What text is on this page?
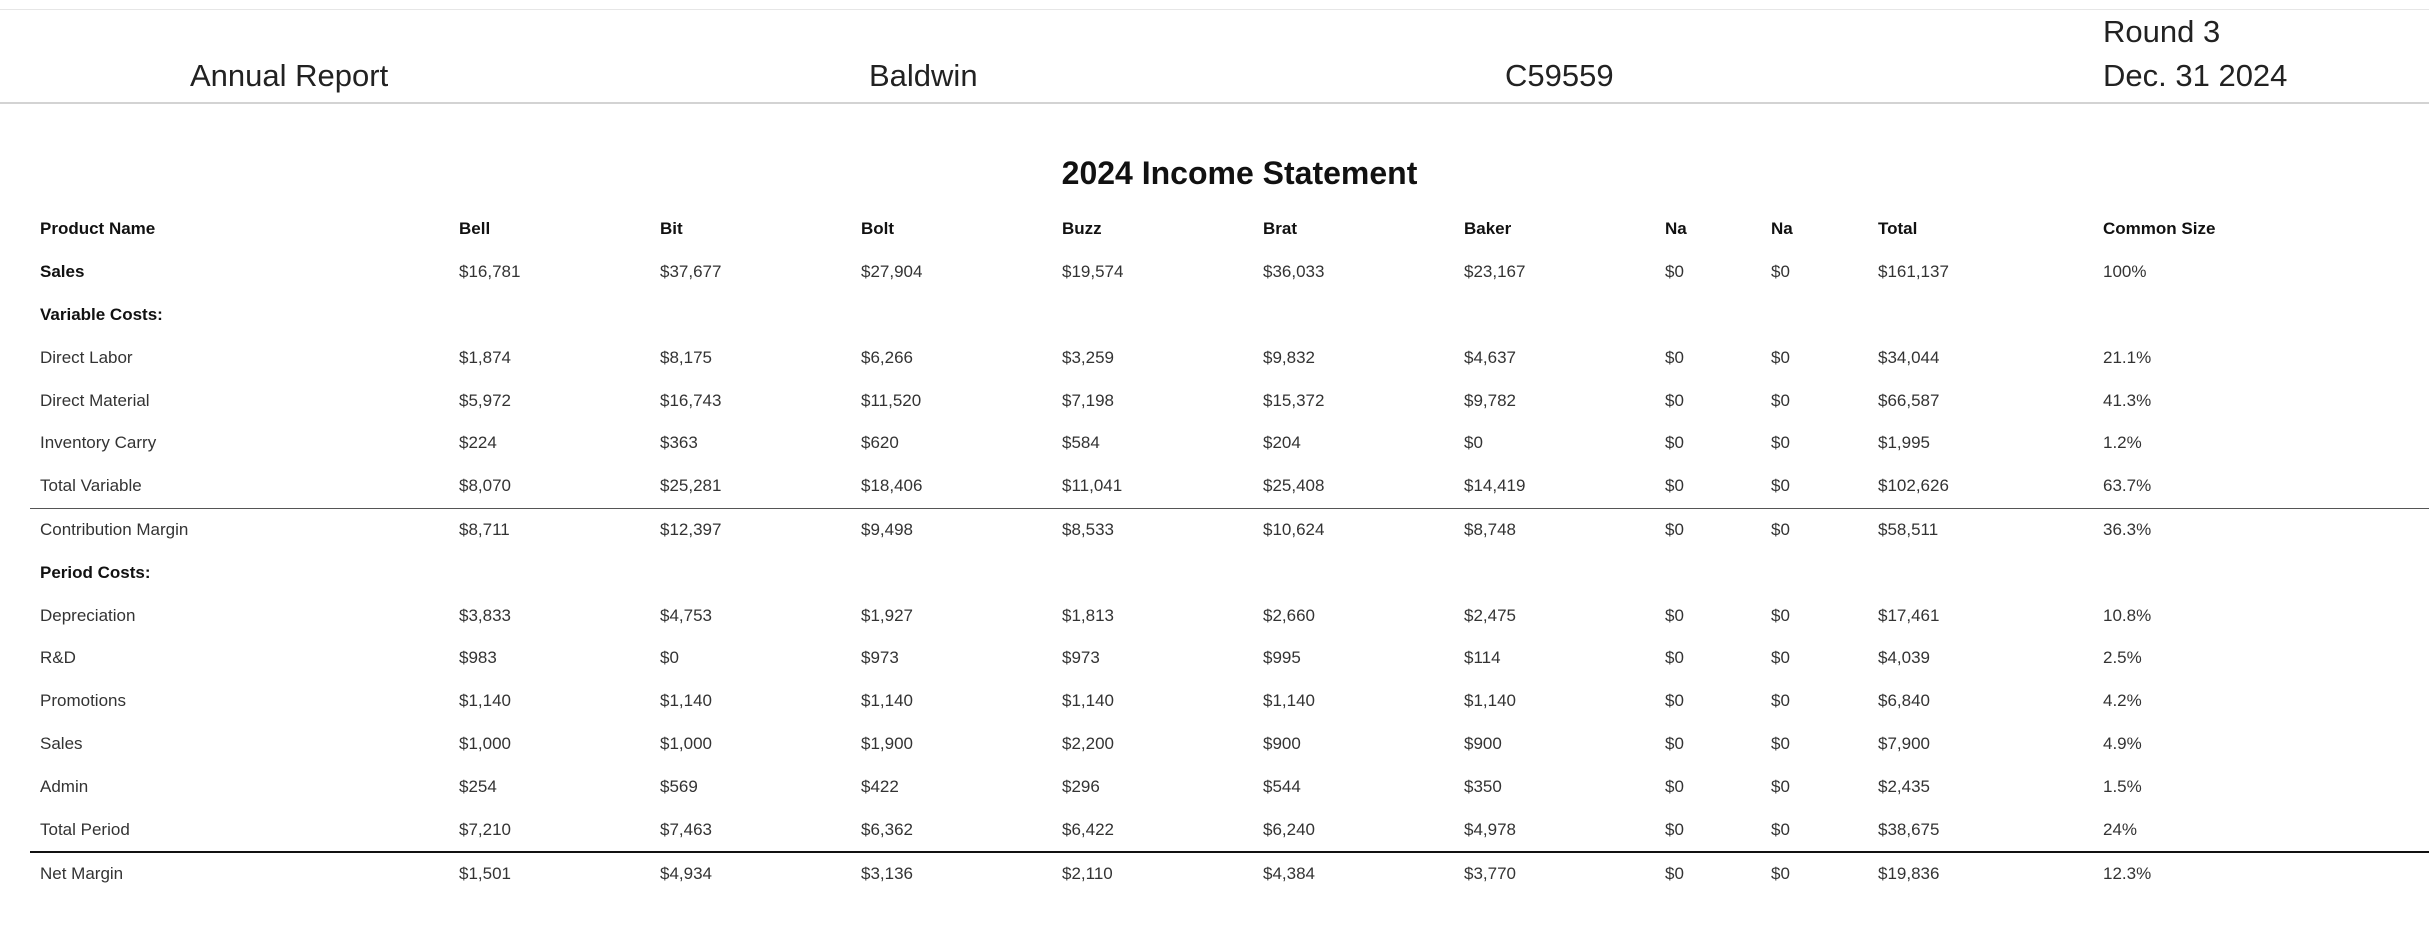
Annual Report	Baldwin	C59559
Round 3
Dec. 31 2024
2024 Income Statement
Product Name	Bell	Bit	Bolt	Buzz	Brat	Baker	Na	Na	Total	Common Size
Sales	$16,781	$37,677	$27,904	$19,574	$36,033	$23,167	$0	$0	$161,137	100%
Variable Costs:										
Direct Labor	$1,874	$8,175	$6,266	$3,259	$9,832	$4,637	$0	$0	$34,044	21.1%
Direct Material	$5,972	$16,743	$11,520	$7,198	$15,372	$9,782	$0	$0	$66,587	41.3%
Inventory Carry	$224	$363	$620	$584	$204	$0	$0	$0	$1,995	1.2%
Total Variable	$8,070	$25,281	$18,406	$11,041	$25,408	$14,419	$0	$0	$102,626	63.7%
Contribution Margin	$8,711	$12,397	$9,498	$8,533	$10,624	$8,748	$0	$0	$58,511	36.3%
Period Costs:										
Depreciation	$3,833	$4,753	$1,927	$1,813	$2,660	$2,475	$0	$0	$17,461	10.8%
R&D	$983	$0	$973	$973	$995	$114	$0	$0	$4,039	2.5%
Promotions	$1,140	$1,140	$1,140	$1,140	$1,140	$1,140	$0	$0	$6,840	4.2%
Sales	$1,000	$1,000	$1,900	$2,200	$900	$900	$0	$0	$7,900	4.9%
Admin	$254	$569	$422	$296	$544	$350	$0	$0	$2,435	1.5%
Total Period	$7,210	$7,463	$6,362	$6,422	$6,240	$4,978	$0	$0	$38,675	24%
Net Margin	$1,501	$4,934	$3,136	$2,110	$4,384	$3,770	$0	$0	$19,836	12.3%
